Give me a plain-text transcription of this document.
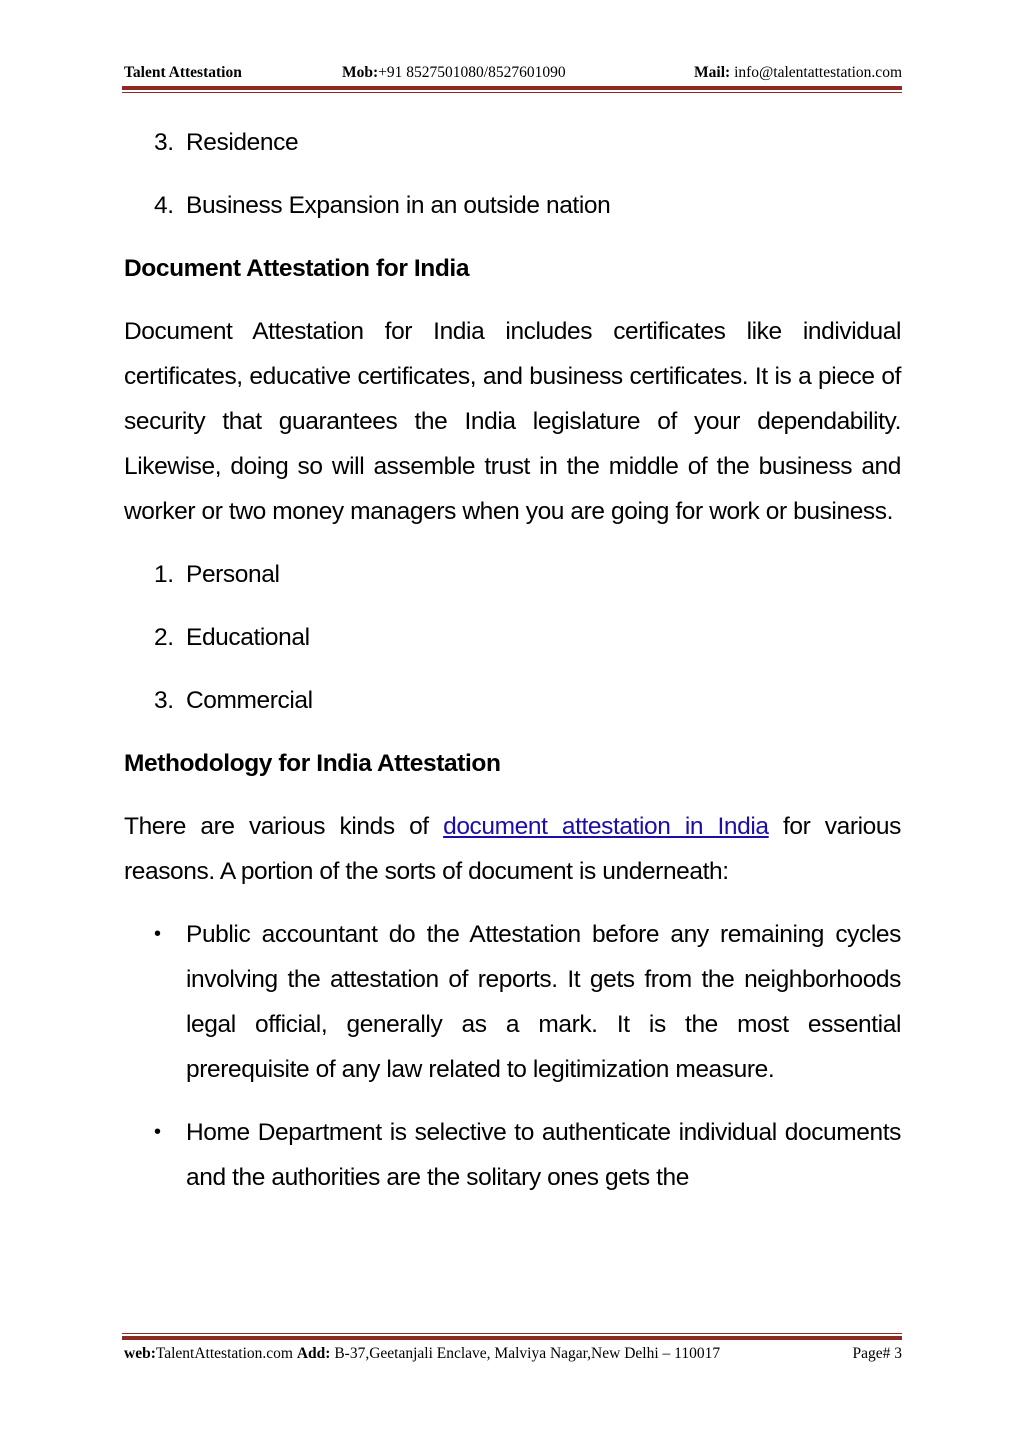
Talent Attestation	Mob:+91 8527501080/8527601090	Mail: info@talentattestation.com
3. Residence
4. Business Expansion in an outside nation

Document Attestation for India

Document Attestation for India includes certificates like individual certificates, educative certificates, and business certificates. It is a piece of security that guarantees the India legislature of your dependability. Likewise, doing so will assemble trust in the middle of the business and worker or two money managers when you are going for work or business.

1. Personal
2. Educational
3. Commercial

Methodology for India Attestation

There are various kinds of document attestation in India for various reasons. A portion of the sorts of document is underneath:

•	Public accountant do the Attestation before any remaining cycles involving the attestation of reports. It gets from the neighborhoods legal official, generally as a mark. It is the most essential prerequisite of any law related to legitimization measure.
•	Home Department is selective to authenticate individual documents and the authorities are the solitary ones gets the
web:TalentAttestation.com Add: B-37,Geetanjali Enclave, Malviya Nagar,New Delhi – 110017	Page# 3
